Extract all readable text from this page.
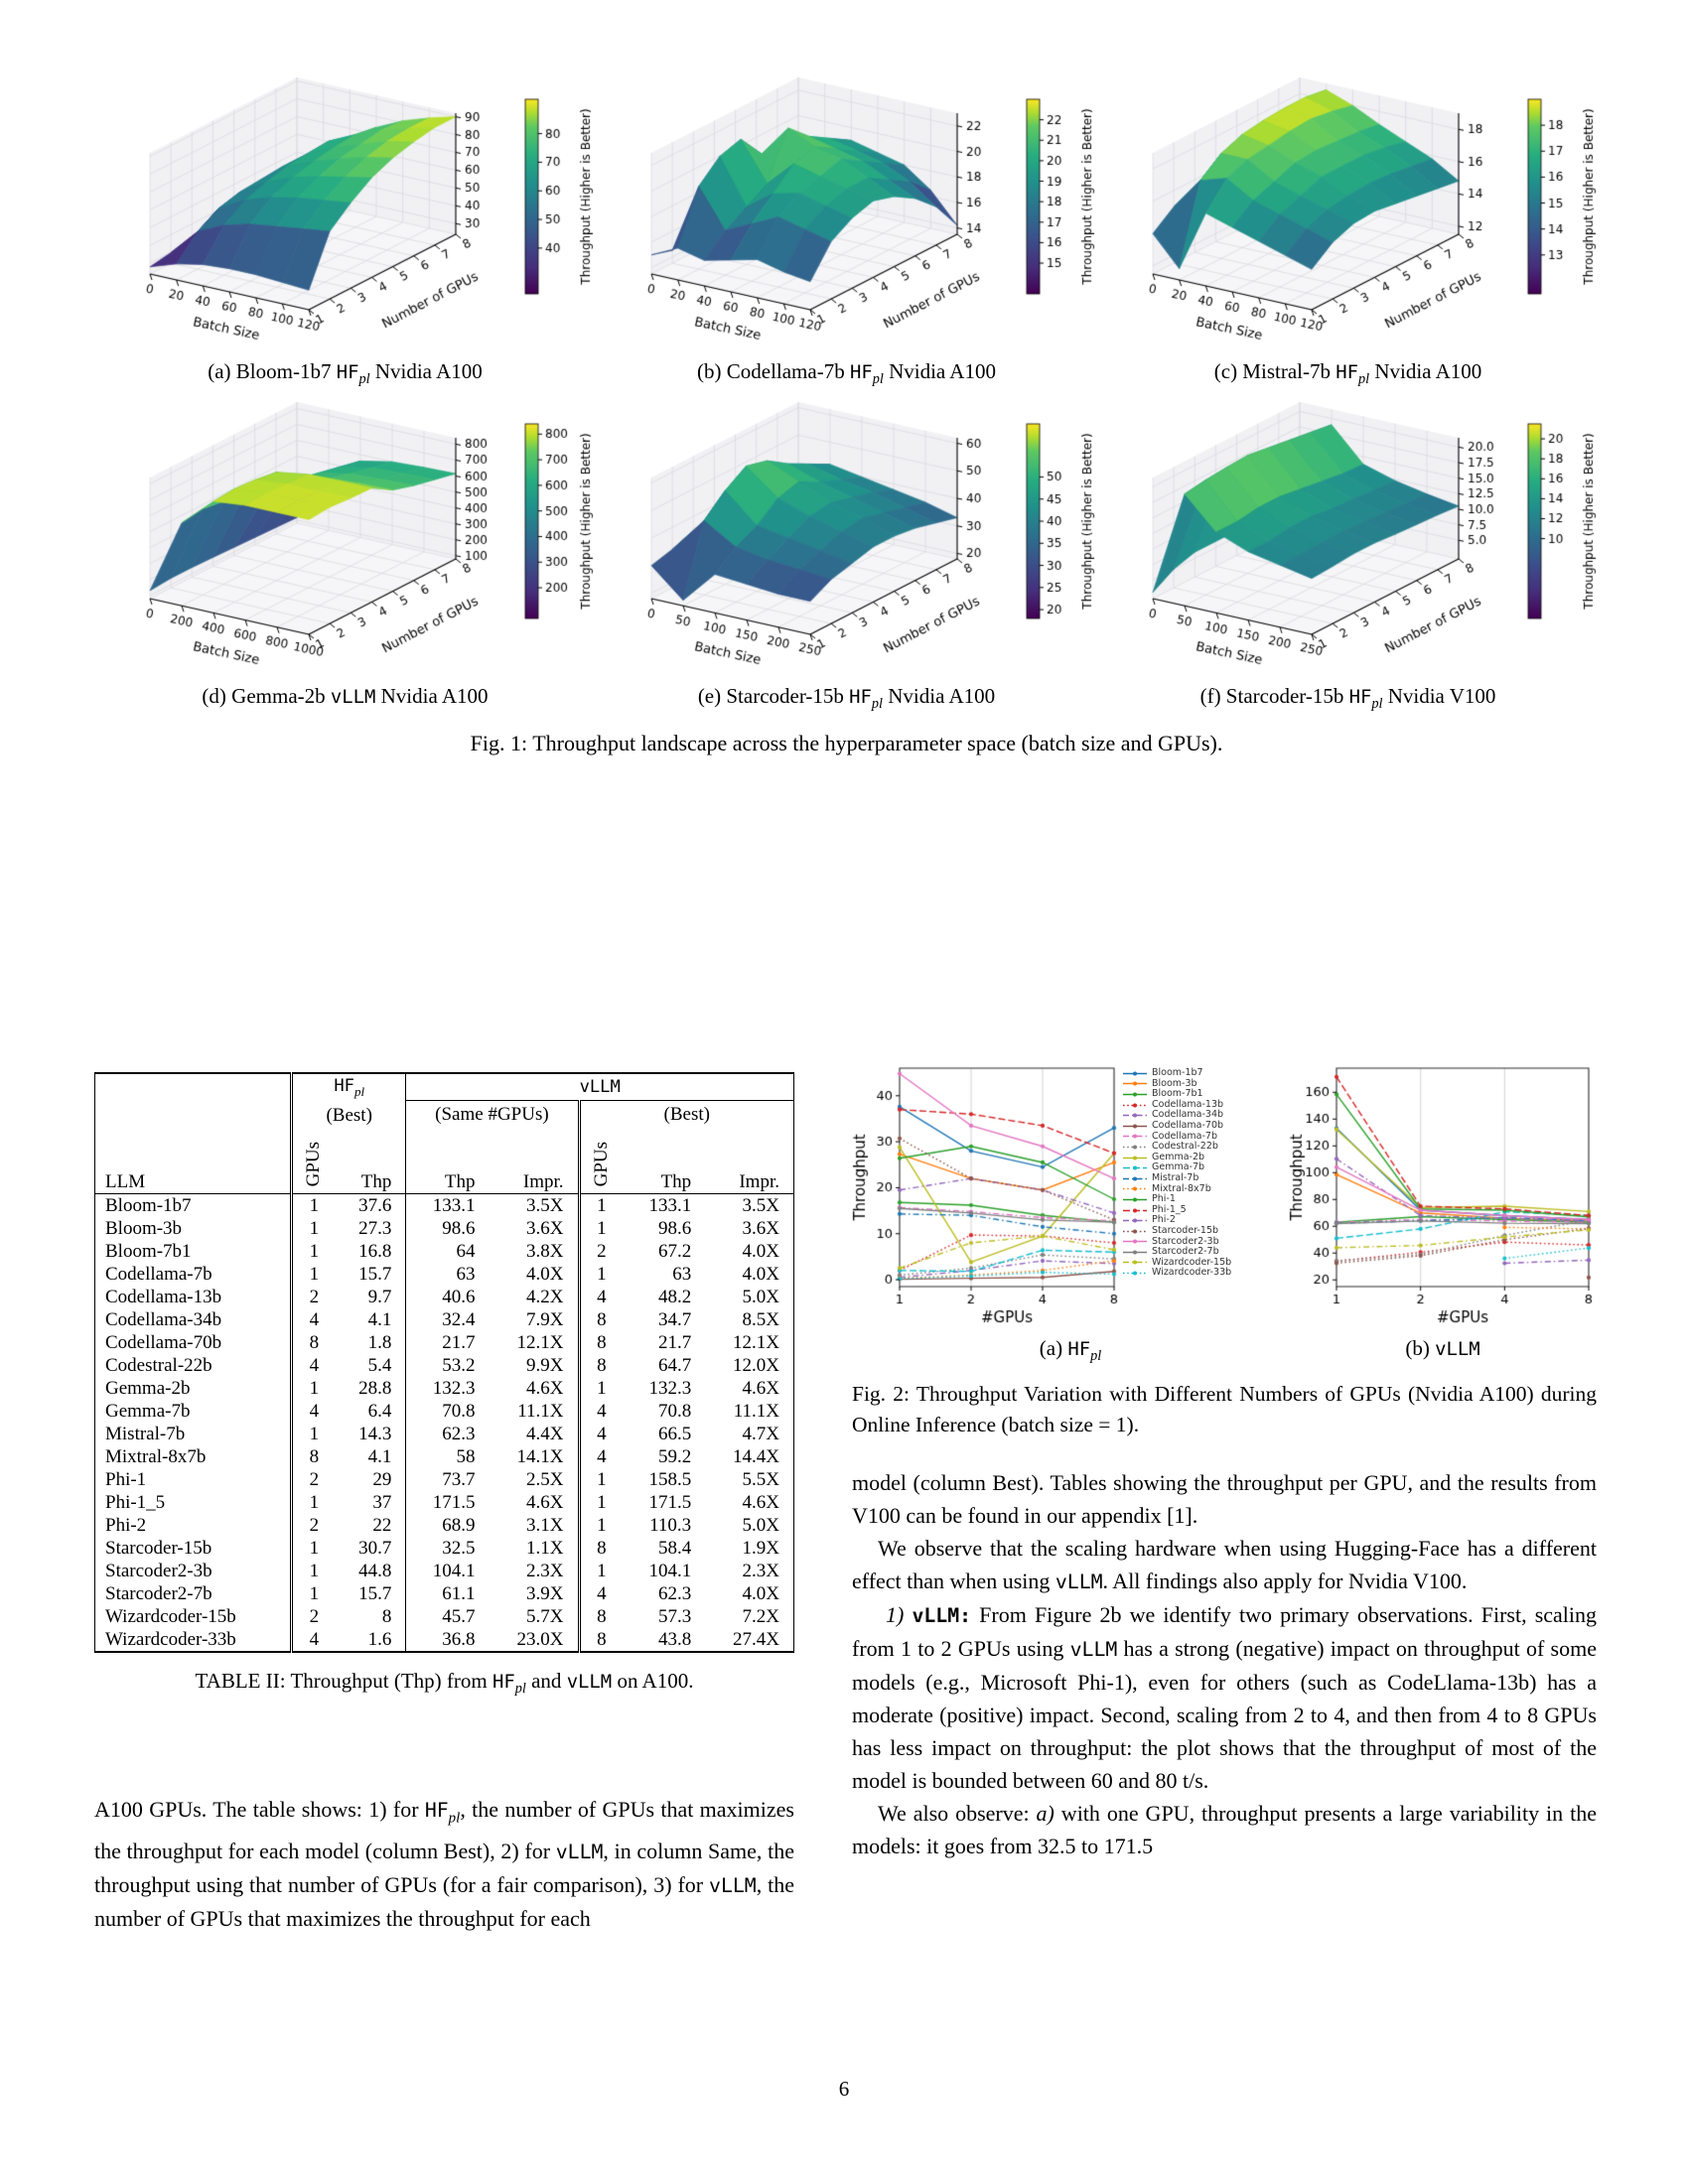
(a) Bloom-1b7 $HF_{pl}$ Nvidia A100	(b) Codellama-7b $HF_{pl}$ Nvidia A100	(c) Mistral-7b $HF_{pl}$ Nvidia A100
(d) Gemma-2b vLLM Nvidia A100	(e) Starcoder-15b $HF_{pl}$ Nvidia A100	(f) Starcoder-15b $HF_{pl}$ Nvidia V100
Fig. 1: Throughput landscape across the hyperparameter space (batch size and GPUs).

	$HF_{pl}$
(Best)		vLLM				
			(Same #GPUs)		(Best)		
LLM	GPUs	Thp	Thp	Impr.	GPUs	Thp	Impr.
Bloom-1b7	1	37.6	133.1	3.5X	1	133.1	3.5X
Bloom-3b	1	27.3	98.6	3.6X	1	98.6	3.6X
Bloom-7b1	1	16.8	64	3.8X	2	67.2	4.0X
Codellama-7b	1	15.7	63	4.0X	1	63	4.0X
Codellama-13b	2	9.7	40.6	4.2X	4	48.2	5.0X
Codellama-34b	4	4.1	32.4	7.9X	8	34.7	8.5X
Codellama-70b	8	1.8	21.7	12.1X	8	21.7	12.1X
Codestral-22b	4	5.4	53.2	9.9X	8	64.7	12.0X
Gemma-2b	1	28.8	132.3	4.6X	1	132.3	4.6X
Gemma-7b	4	6.4	70.8	11.1X	4	70.8	11.1X
Mistral-7b	1	14.3	62.3	4.4X	4	66.5	4.7X
Mixtral-8x7b	8	4.1	58	14.1X	4	59.2	14.4X
Phi-1	2	29	73.7	2.5X	1	158.5	5.5X
Phi-1_5	1	37	171.5	4.6X	1	171.5	4.6X
Phi-2	2	22	68.9	3.1X	1	110.3	5.0X
Starcoder-15b	1	30.7	32.5	1.1X	8	58.4	1.9X
Starcoder2-3b	1	44.8	104.1	2.3X	1	104.1	2.3X
Starcoder2-7b	1	15.7	61.1	3.9X	4	62.3	4.0X
Wizardcoder-15b	2	8	45.7	5.7X	8	57.3	7.2X
Wizardcoder-33b	4	1.6	36.8	23.0X	8	43.8	27.4X
TABLE II: Throughput (Thp) from $HF_{pl}$ and vLLM on A100.

A100 GPUs. The table shows: 1) for $HF_{pl}$, the number of GPUs that maximizes the throughput for each model (column Best), 2) for vLLM, in column Same, the throughput using that number of GPUs (for a fair comparison), 3) for vLLM, the number of GPUs that maximizes the throughput for each

Bloom-1b7
Bloom-3b
Bloom-7b1
Codellama-13b
Codellama-34b
Codellama-70b
Codellama-7b
Codestral-22b
Gemma-2b
Gemma-7b
Mistral-7b
Mixtral-8x7b
Phi-1
Phi-1_5
Phi-2
Starcoder-15b
Starcoder2-3b
Starcoder2-7b
Wizardcoder-15b
Wizardcoder-33b
(a) $HF_{pl}$	(b) vLLM
Fig. 2: Throughput Variation with Different Numbers of GPUs (Nvidia A100) during Online Inference (batch size = 1).

model (column Best). Tables showing the throughput per GPU, and the results from V100 can be found in our appendix [1].

We observe that the scaling hardware when using Hugging-Face has a different effect than when using vLLM. All findings also apply for Nvidia V100.

1) vLLM: From Figure 2b we identify two primary observations. First, scaling from 1 to 2 GPUs using vLLM has a strong (negative) impact on throughput of some models (e.g., Microsoft Phi-1), even for others (such as CodeLlama-13b) has a moderate (positive) impact. Second, scaling from 2 to 4, and then from 4 to 8 GPUs has less impact on throughput: the plot shows that the throughput of most of the model is bounded between 60 and 80 t/s.

We also observe: a) with one GPU, throughput presents a large variability in the models: it goes from 32.5 to 171.5

6
